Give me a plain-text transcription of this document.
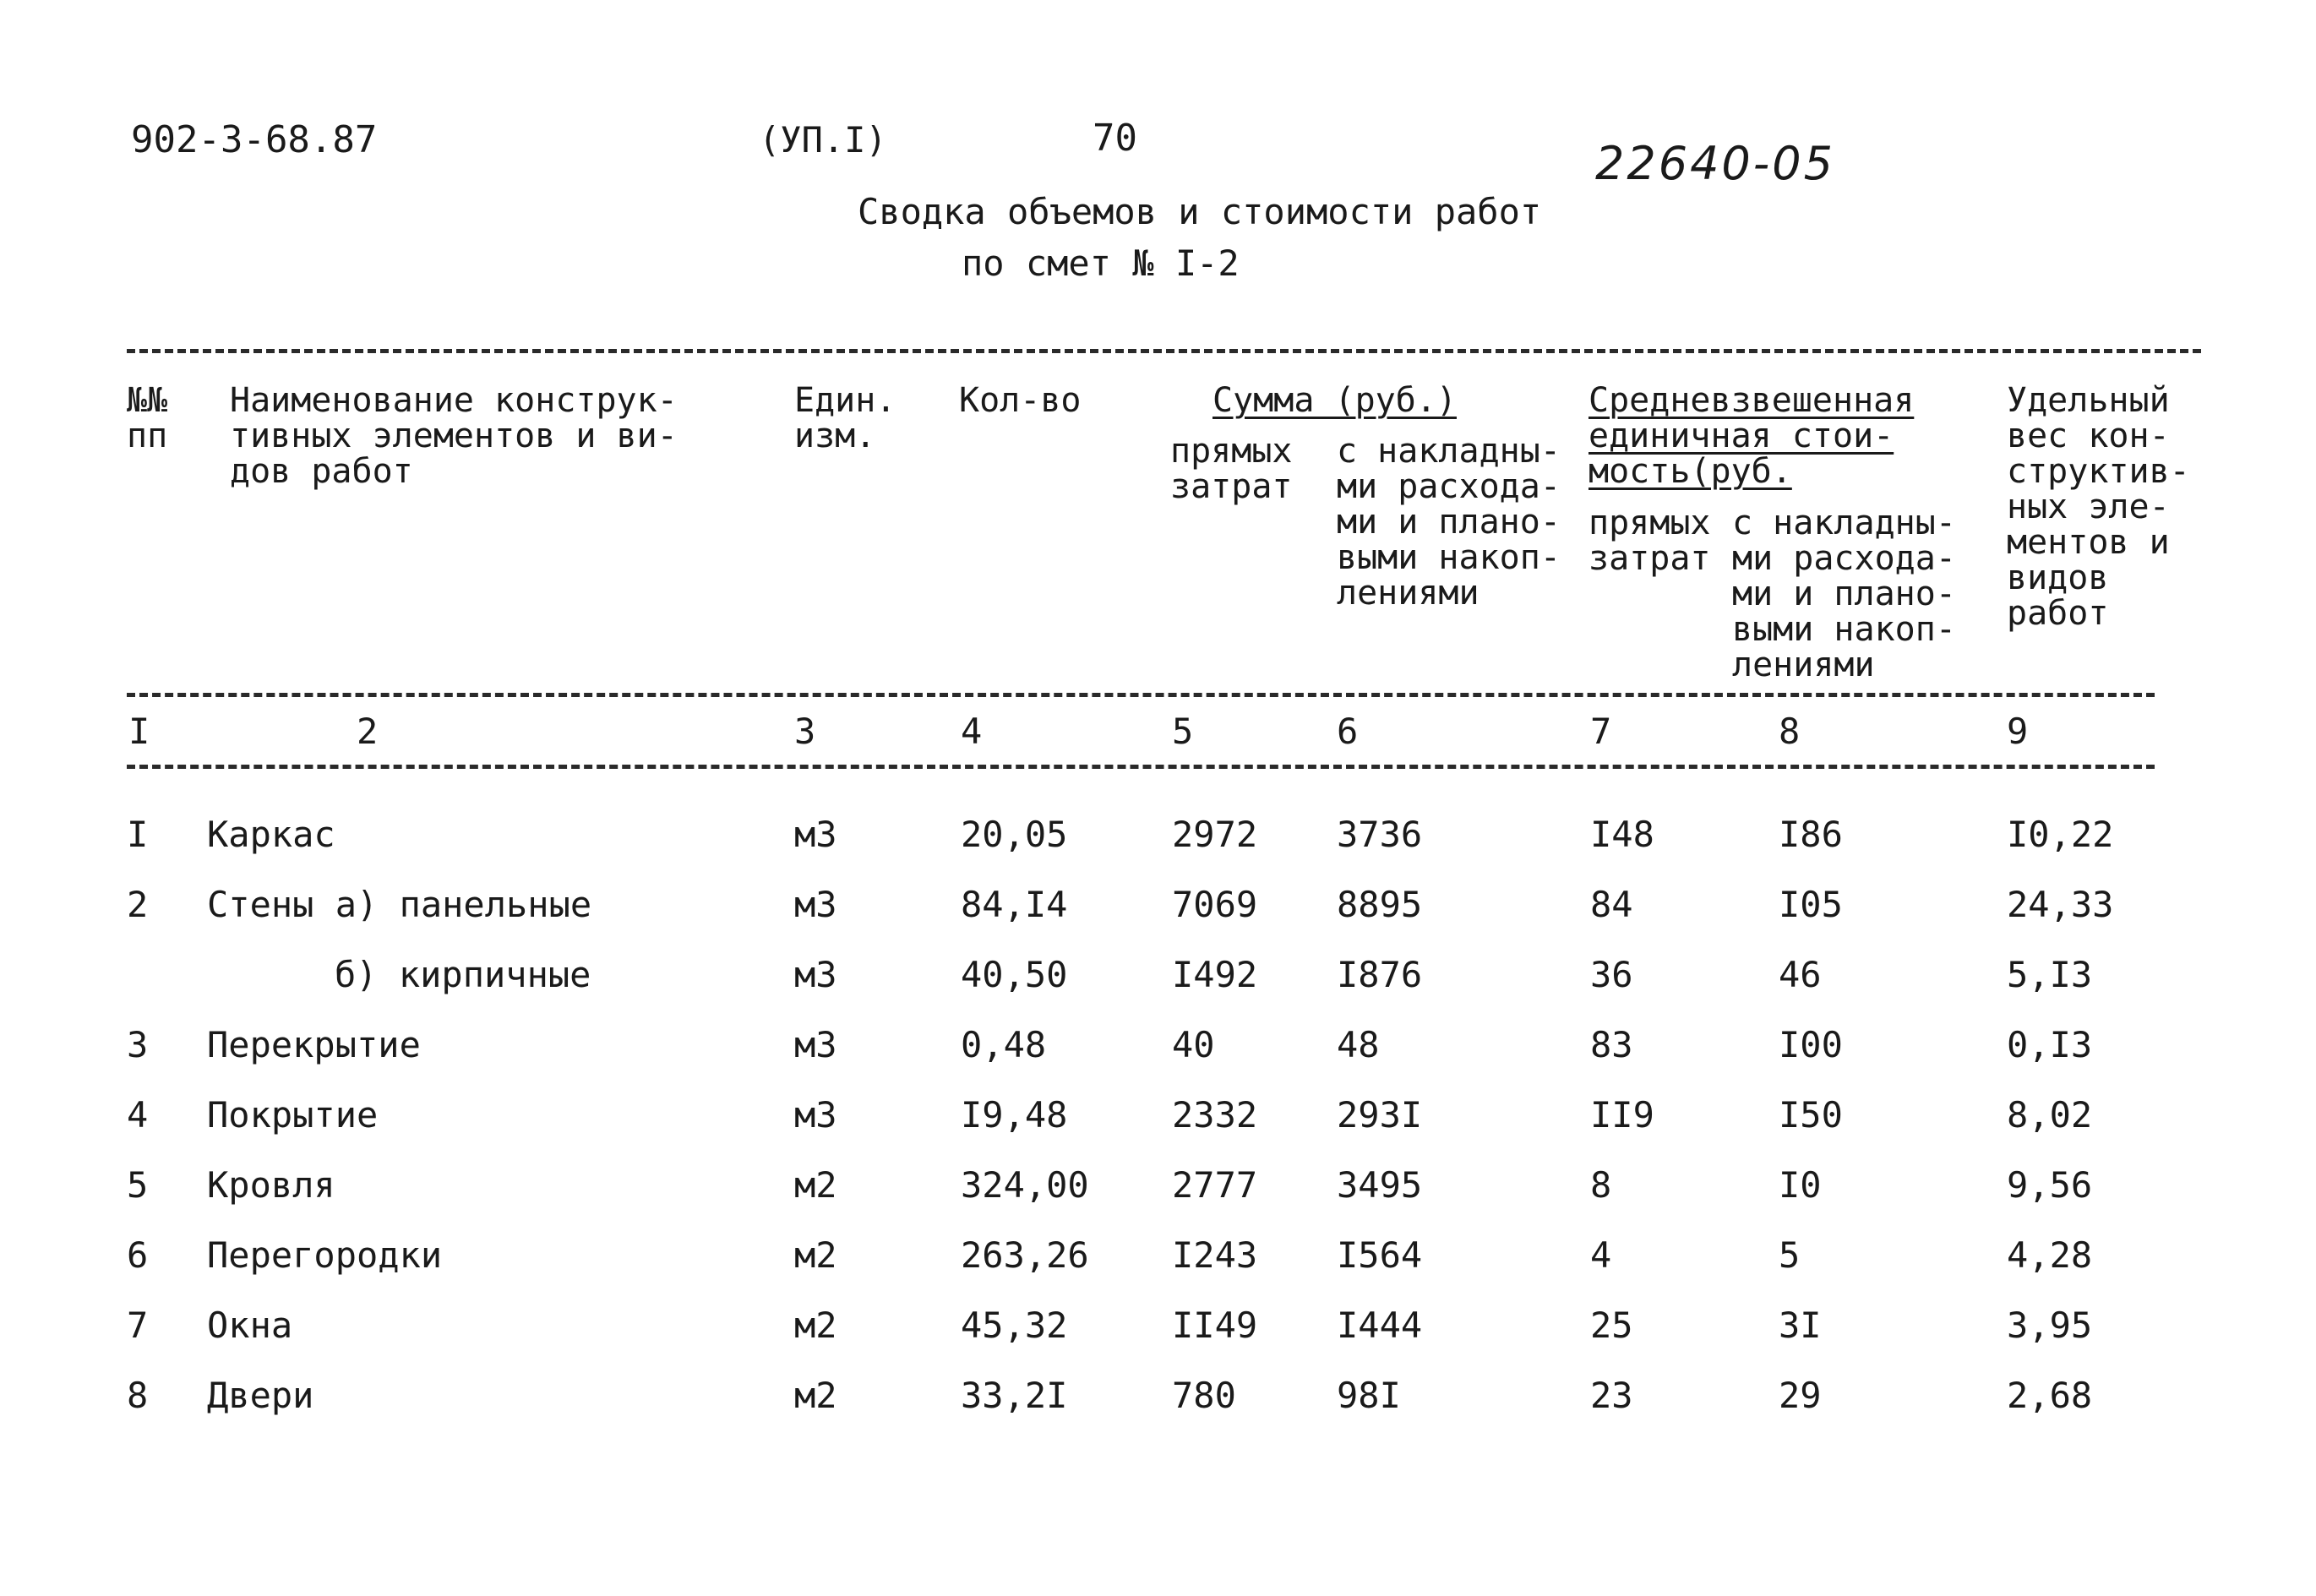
902-3-68.87	(УП.I)	70	22640-05
Сводка объемов и стоимости работ
по смет № I-2
№№
пп
Наименование конструк-
тивных элементов и ви-
дов работ
Един.
изм.
Кол-во	Сумма (руб.)
прямых
затрат
с накладны-
ми расхода-
ми и плано-
выми накоп-
лениями
Средневзвешенная
единичная стои-
мость(руб.
прямых
затрат
с накладны-
ми расхода-
ми и плано-
выми накоп-
лениями
Удельный
вес кон-
структив-
ных эле-
ментов и
видов
работ
I	2	3	4	5	6	7	8	9
I Каркас	м3	20,05	2972 3736	I48	I86	I0,22
2 Стены а) панельные	м3	84,I4	7069 8895	84	I05	24,33
б) кирпичные	м3	40,50	I492 I876	36	46	5,I3
3 Перекрытие	м3	0,48	40	48	83	I00	0,I3
4 Покрытие	м3	I9,48	2332 293I	II9	I50	8,02
5 Кровля	м2	324,00 2777 3495	8	I0	9,56
6 Перегородки	м2	263,26 I243 I564	4	5	4,28
7 Окна	м2	45,32	II49 I444	25	3I	3,95
8 Двери	м2	33,2I	780	98I	23	29	2,68
